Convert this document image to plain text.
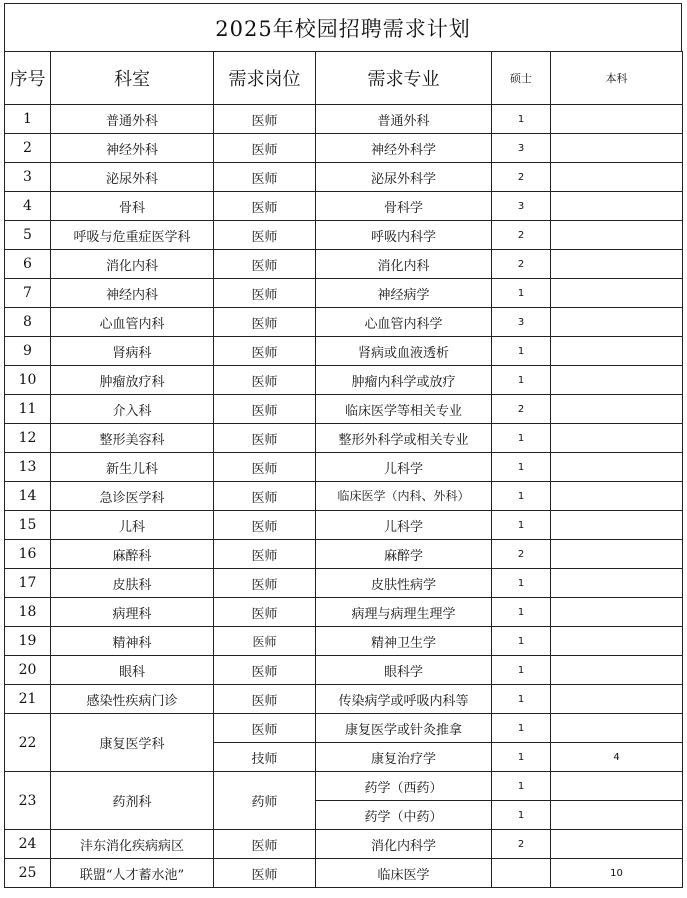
2025年校园招聘需求计划
序号	科室	需求岗位	需求专业	硕士	本科
1	普通外科	医师	普通外科	1	
2	神经外科	医师	神经外科学	3	
3	泌尿外科	医师	泌尿外科学	2	
4	骨科	医师	骨科学	3	
5	呼吸与危重症医学科	医师	呼吸内科学	2	
6	消化内科	医师	消化内科	2	
7	神经内科	医师	神经病学	1	
8	心血管内科	医师	心血管内科学	3	
9	肾病科	医师	肾病或血液透析	1	
10	肿瘤放疗科	医师	肿瘤内科学或放疗	1	
11	介入科	医师	临床医学等相关专业	2	
12	整形美容科	医师	整形外科学或相关专业	1	
13	新生儿科	医师	儿科学	1	
14	急诊医学科	医师	临床医学（内科、外科）	1	
15	儿科	医师	儿科学	1	
16	麻醉科	医师	麻醉学	2	
17	皮肤科	医师	皮肤性病学	1	
18	病理科	医师	病理与病理生理学	1	
19	精神科	医师	精神卫生学	1	
20	眼科	医师	眼科学	1	
21	感染性疾病门诊	医师	传染病学或呼吸内科等	1	
22	康复医学科	医师	康复医学或针灸推拿	1	
		技师	康复治疗学	1	4
23	药剂科	药师	药学（西药）	1	
			药学（中药）	1	
24	沣东消化疾病病区	医师	消化内科学	2	
25	联盟“人才蓄水池”	医师	临床医学		10
